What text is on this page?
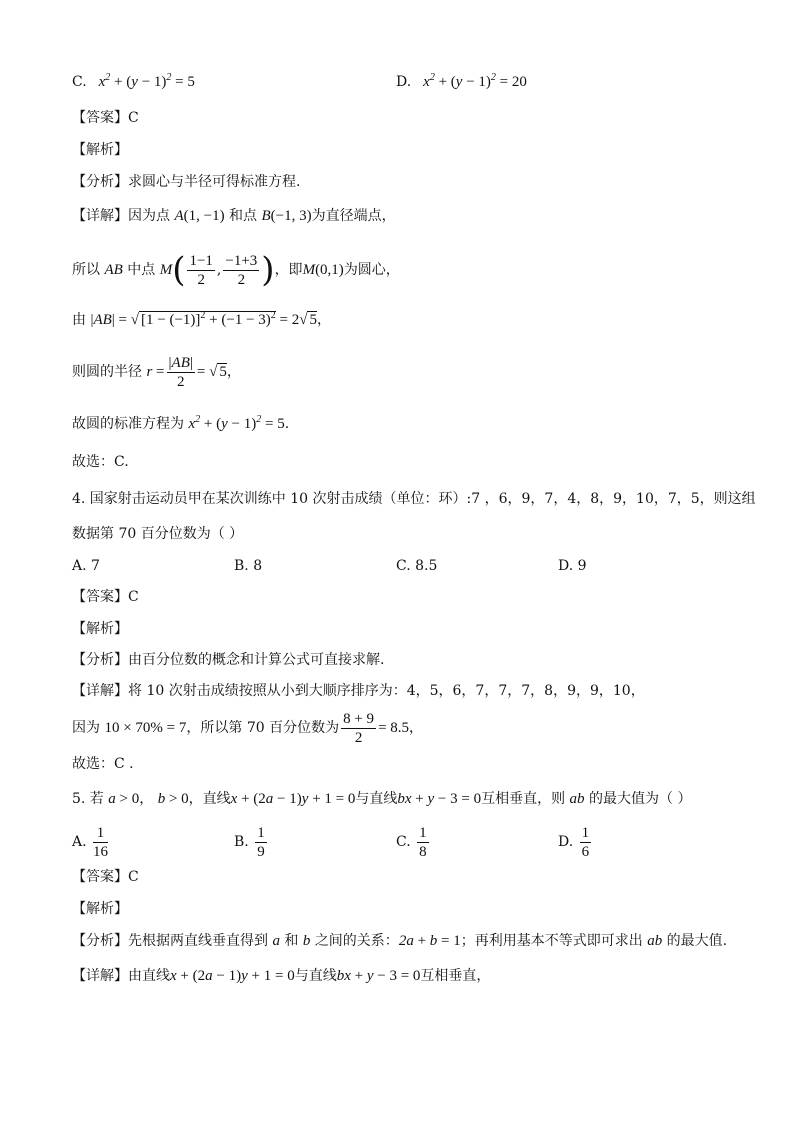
C.   $x^2 + (y - 1)^2 = 5$	D.   $x^2 + (y - 1)^2 = 20$
【答案】C
【解析】
【分析】求圆心与半径可得标准方程.
【详解】因为点 A(1, −1) 和点 B(−1, 3)为直径端点，
所以 AB 中点 $M( \frac{1-1}{2}$ , $\frac{-1+3}{2}$ )，即M(0,1)为圆心，
由 |AB| = √ $[1 - (-1)]^2 + (-1 - 3)^2 = 2√$ 5，
则圆的半径 $r = \frac{|AB|}{2}$ = √ 5，
故圆的标准方程为 $x^2 + (y - 1)^2 = 5$.
故选：C.
4. 国家射击运动员甲在某次训练中 10 次射击成绩（单位：环）:7 ，6，9，7，4，8，9，10，7，5，则这组
数据第 70 百分位数为（ ）
A. 7	B. 8	C. 8.5	D. 9
【答案】C
【解析】
【分析】由百分位数的概念和计算公式可直接求解.
【详解】将 10 次射击成绩按照从小到大顺序排序为：4，5，6，7，7，7，8，9，9，10，
因为 10 × 70% = 7，所以第 70 百分位数为 $\frac{8 + 9}{2} = 8.5$，
故选：C .
5. 若 a > 0， b > 0，直线x + (2a − 1)y + 1 = 0与直线bx + y − 3 = 0互相垂直，则 ab 的最大值为（ ）
A. $\frac{1}{16}$	B. $\frac{1}{9}$	C. $\frac{1}{8}$	D. $\frac{1}{6}$
【答案】C
【解析】
【分析】先根据两直线垂直得到 a 和 b 之间的关系：2a + b = 1；再利用基本不等式即可求出 ab 的最大值.
【详解】由直线x + (2a − 1)y + 1 = 0与直线bx + y − 3 = 0互相垂直，
